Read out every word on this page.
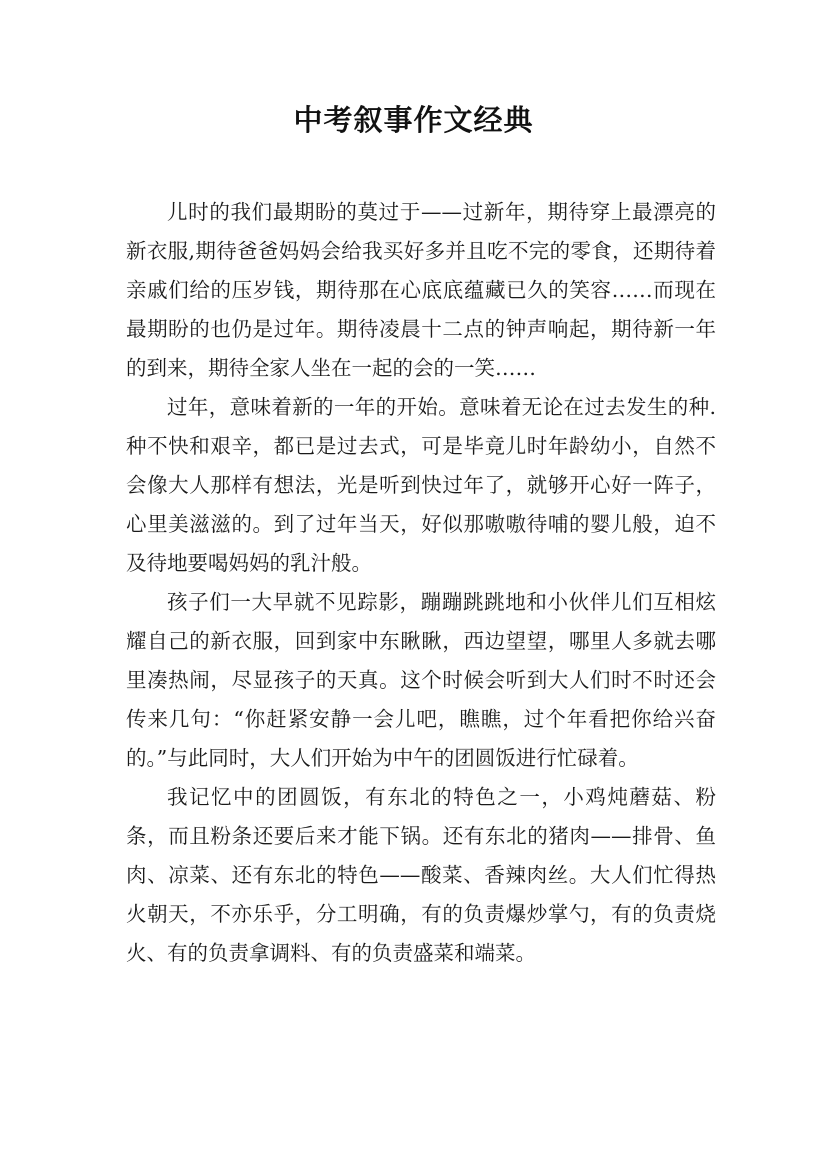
中考叙事作文经典

儿时的我们最期盼的莫过于——过新年，期待穿上最漂亮的新衣服,期待爸爸妈妈会给我买好多并且吃不完的零食，还期待着亲戚们给的压岁钱，期待那在心底底蕴藏已久的笑容……而现在最期盼的也仍是过年。期待凌晨十二点的钟声响起，期待新一年的到来，期待全家人坐在一起的会的一笑……

过年，意味着新的一年的开始。意味着无论在过去发生的种.种不快和艰辛，都已是过去式，可是毕竟儿时年龄幼小，自然不会像大人那样有想法，光是听到快过年了，就够开心好一阵子，心里美滋滋的。到了过年当天，好似那嗷嗷待哺的婴儿般，迫不及待地要喝妈妈的乳汁般。

孩子们一大早就不见踪影，蹦蹦跳跳地和小伙伴儿们互相炫耀自己的新衣服，回到家中东瞅瞅，西边望望，哪里人多就去哪里凑热闹，尽显孩子的天真。这个时候会听到大人们时不时还会传来几句：“你赶紧安静一会儿吧，瞧瞧，过个年看把你给兴奋的。”与此同时，大人们开始为中午的团圆饭进行忙碌着。

我记忆中的团圆饭，有东北的特色之一，小鸡炖蘑菇、粉条，而且粉条还要后来才能下锅。还有东北的猪肉——排骨、鱼肉、凉菜、还有东北的特色——酸菜、香辣肉丝。大人们忙得热火朝天，不亦乐乎，分工明确，有的负责爆炒掌勺，有的负责烧火、有的负责拿调料、有的负责盛菜和端菜。
